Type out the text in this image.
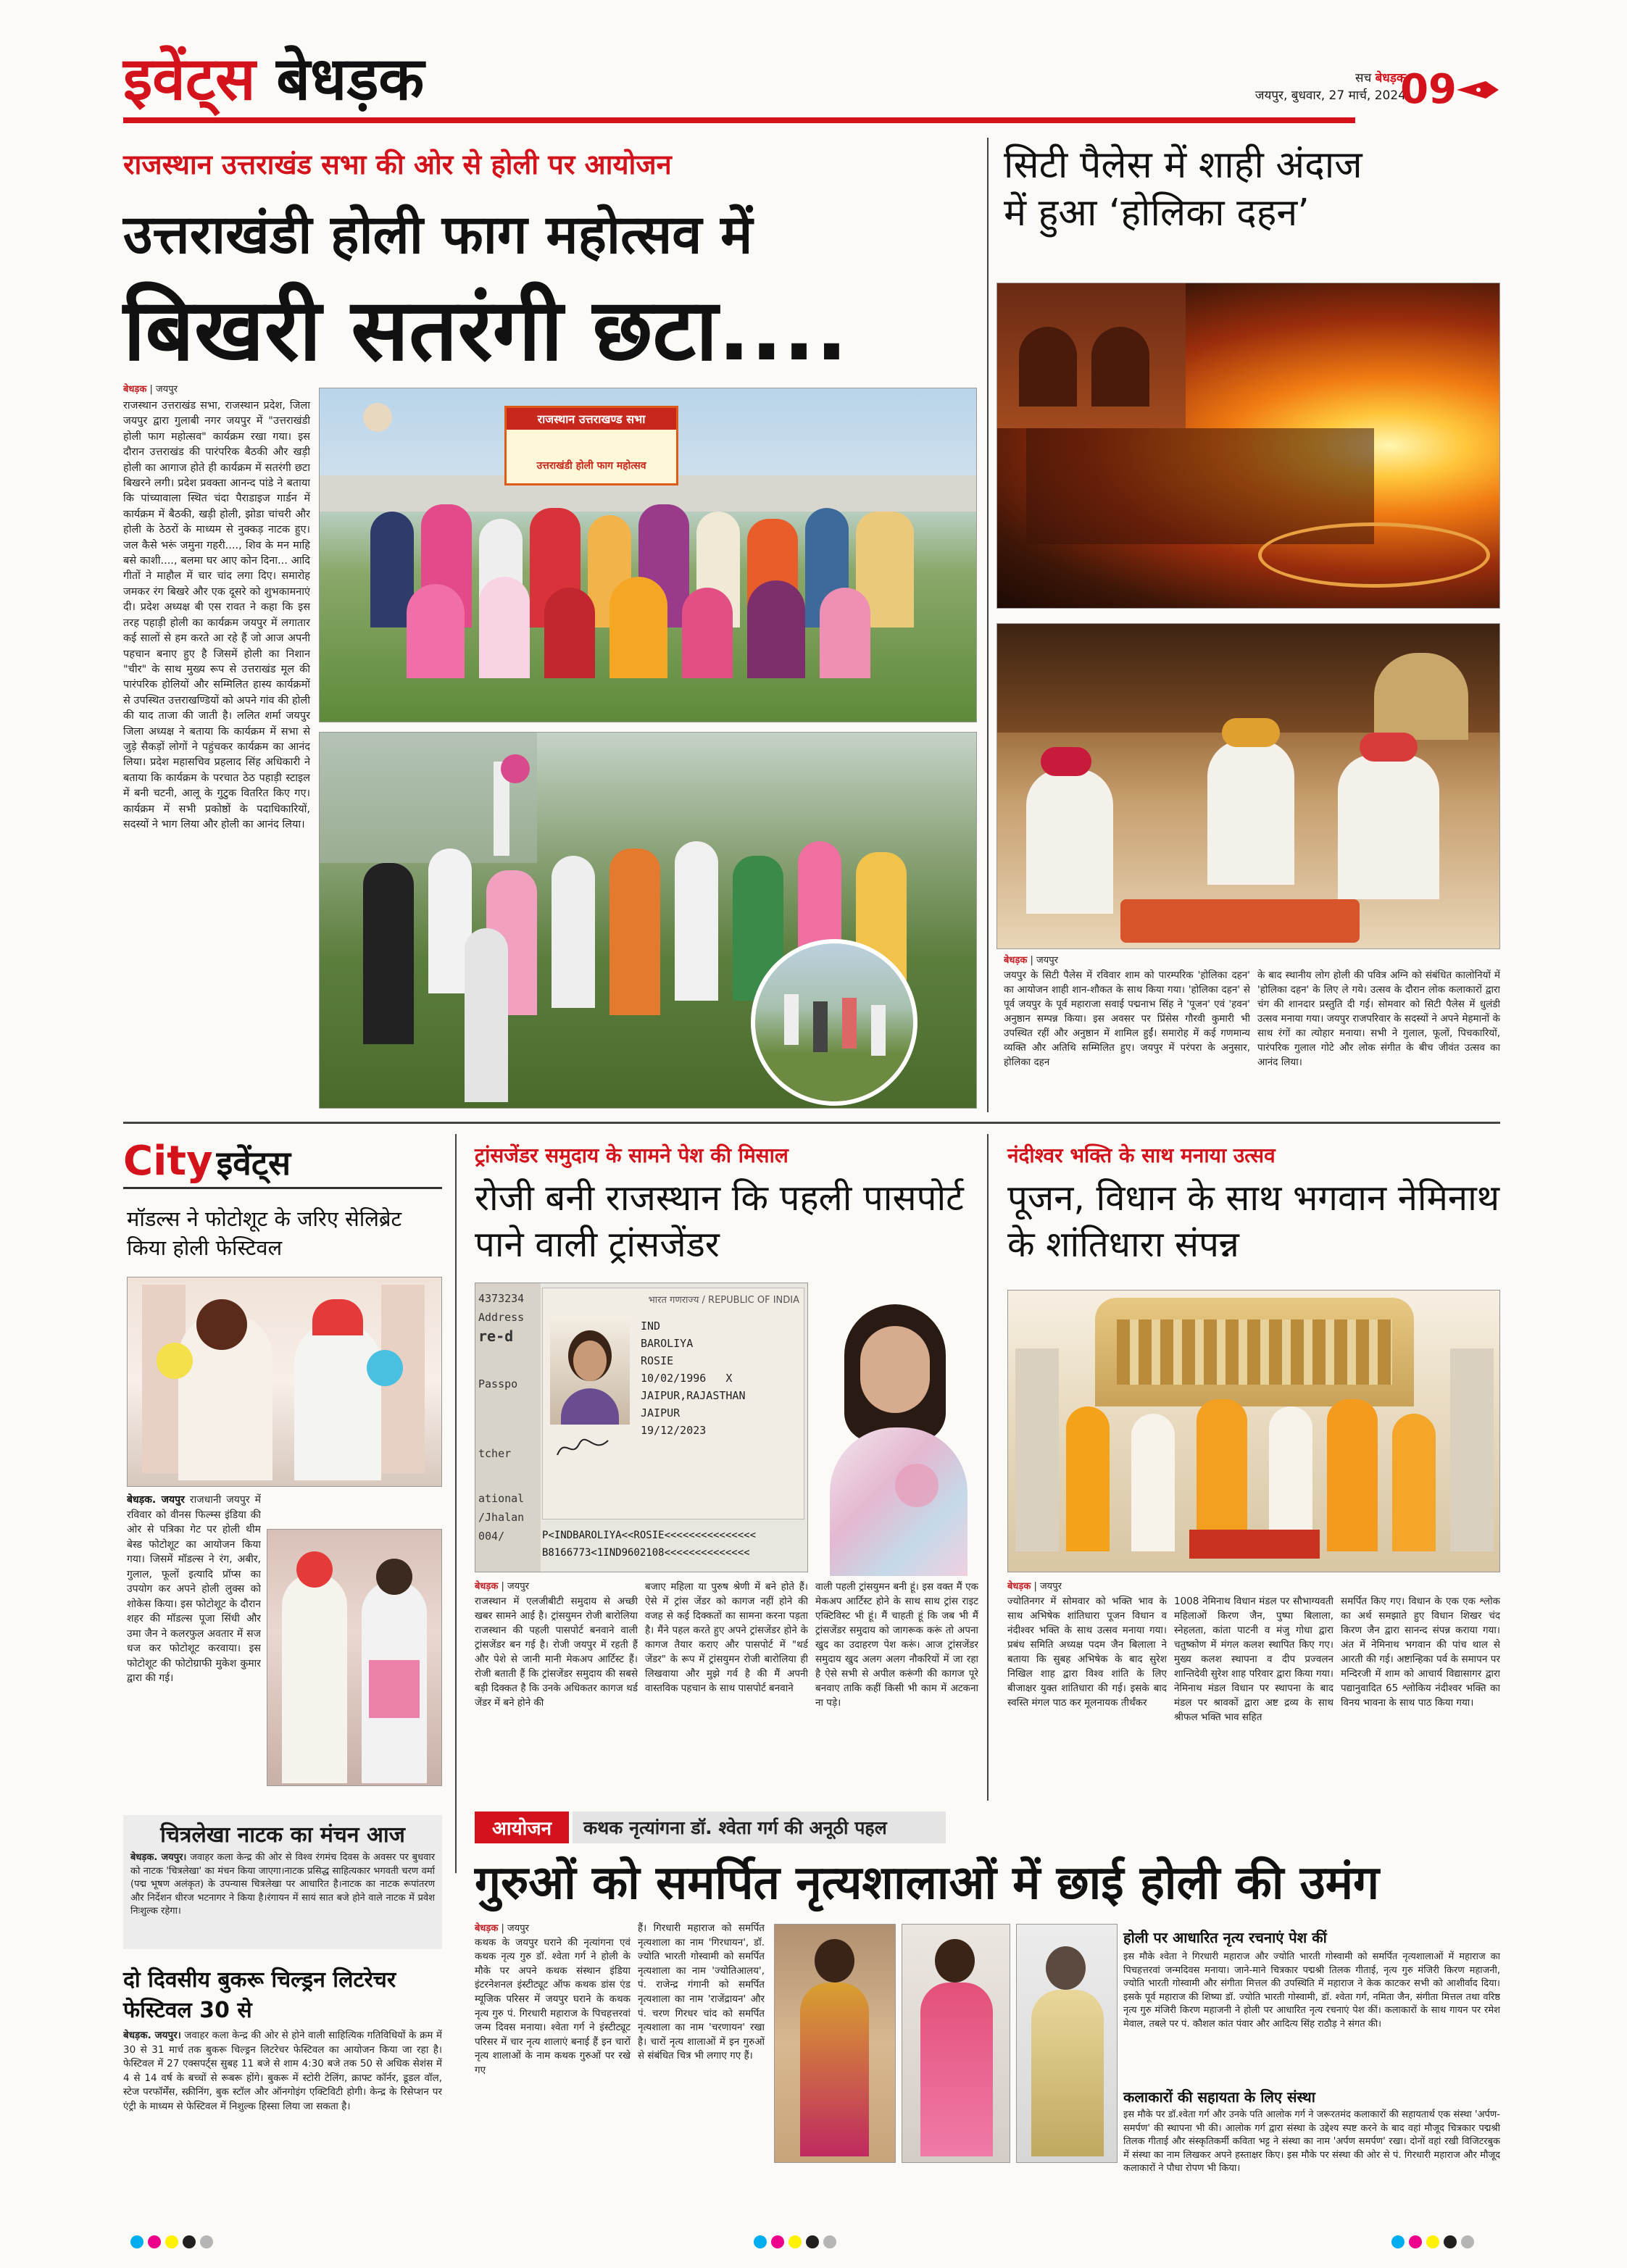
इवेंट्स बेधड़क	सच बेधड़क
जयपुर, बुधवार, 27 मार्च, 2024
09
राजस्थान उत्तराखंड सभा की ओर से होली पर आयोजन
उत्तराखंडी होली फाग महोत्सव में
बिखरी सतरंगी छटा....
बेधड़क | जयपुर

राजस्थान उत्तराखंड सभा, राजस्थान प्रदेश, जिला जयपुर द्वारा गुलाबी नगर जयपुर में "उत्तराखंडी होली फाग महोत्सव" कार्यक्रम रखा गया। इस दौरान उत्तराखंड की पारंपरिक बैठकी और खड़ी होली का आगाज होते ही कार्यक्रम में सतरंगी छटा बिखरने लगी। प्रदेश प्रवक्ता आनन्द पांडे ने बताया कि पांच्यावाला स्थित चंदा पैराडाइज गार्डन में कार्यक्रम में बैठकी, खड़ी होली, झोडा चांचरी और होली के ठेठरों के माध्यम से नुक्कड़ नाटक हुए। जल कैसे भरूं जमुना गहरी...., शिव के मन माहि बसे काशी...., बलमा घर आए कोन दिना... आदि गीतों ने माहौल में चार चांद लगा दिए। समारोह जमकर रंग बिखरे और एक दूसरे को शुभकामनाएं दी। प्रदेश अध्यक्ष बी एस रावत ने कहा कि इस तरह पहाड़ी होली का कार्यक्रम जयपुर में लगातार कई सालों से हम करते आ रहे हैं जो आज अपनी पहचान बनाए हुए है जिसमें होली का निशान "चीर" के साथ मुख्य रूप से उत्तराखंड मूल की पारंपरिक होलियों और सम्मिलित हास्य कार्यक्रमों से उपस्थित उत्तराखण्डियों को अपने गांव की होली की याद ताजा की जाती है। ललित शर्मा जयपुर जिला अध्यक्ष ने बताया कि कार्यक्रम में सभा से जुड़े सैकड़ों लोगों ने पहुंचकर कार्यक्रम का आनंद लिया। प्रदेश महासचिव प्रहलाद सिंह अधिकारी ने बताया कि कार्यक्रम के परचात ठेठ पहाड़ी स्टाइल में बनी चटनी, आलू के गुटुक वितरित किए गए। कार्यक्रम में सभी प्रकोष्ठों के पदाधिकारियों, सदस्यों ने भाग लिया और होली का आनंद लिया।

राजस्थान उत्तराखण्ड सभा
उत्तराखंडी होली फाग महोत्सव
सिटी पैलेस में शाही अंदाज
में हुआ ‘होलिका दहन’
बेधड़क | जयपुर

जयपुर के सिटी पैलेस में रविवार शाम को पारम्परिक 'होलिका दहन' का आयोजन शाही शान-शौकत के साथ किया गया। 'होलिका दहन' से पूर्व जयपुर के पूर्व महाराजा सवाई पद्मनाभ सिंह ने 'पूजन' एवं 'हवन' अनुष्ठान सम्पन्न किया। इस अवसर पर प्रिंसेस गौरवी कुमारी भी उपस्थित रहीं और अनुष्ठान में शामिल हुईं। समारोह में कई गणमान्य व्यक्ति और अतिथि सम्मिलित हुए। जयपुर में परंपरा के अनुसार, होलिका दहन

के बाद स्थानीय लोग होली की पवित्र अग्नि को संबंधित कालोनियों में 'होलिका दहन' के लिए ले गये। उत्सव के दौरान लोक कलाकारों द्वारा चंग की शानदार प्रस्तुति दी गई। सोमवार को सिटी पैलेस में धुलंडी उत्सव मनाया गया। जयपुर राजपरिवार के सदस्यों ने अपने मेहमानों के साथ रंगों का त्योहार मनाया। सभी ने गुलाल, फूलों, पिचकारियों, पारंपरिक गुलाल गोटे और लोक संगीत के बीच जीवंत उत्सव का आनंद लिया।

City इवेंट्स
मॉडल्स ने फोटोशूट के जरिए सेलिब्रेट किया होली फेस्टिवल
बेधड़क. जयपुर राजधानी जयपुर में रविवार को वीनस फिल्म्स इंडिया की ओर से पत्रिका गेट पर होली थीम बेस्ड फोटोशूट का आयोजन किया गया। जिसमें मॉडल्स ने रंग, अबीर, गुलाल, फूलों इत्यादि प्रॉप्स का उपयोग कर अपने होली लुक्स को शोकेस किया। इस फोटोशूट के दौरान शहर की मॉडल्स पूजा सिंधी और उमा जैन ने कलरफुल अवतार में सज धज कर फोटोशूट करवाया। इस फोटोशूट की फोटोग्राफी मुकेश कुमार द्वारा की गई।
चित्रलेखा नाटक का मंचन आज
बेधड़क. जयपुर। जवाहर कला केन्द्र की ओर से विश्व रंगमंच दिवस के अवसर पर बुधवार को नाटक 'चित्रलेखा' का मंचन किया जाएगा।नाटक प्रसिद्ध साहित्यकार भगवती चरण वर्मा (पद्म भूषण अलंकृत) के उपन्यास चित्रलेखा पर आधारित है।नाटक का नाटक रूपांतरण और निर्देशन धीरज भटनागर ने किया है।रंगायन में सायं सात बजे होने वाले नाटक में प्रवेश निःशुल्क रहेगा।
दो दिवसीय बुकरू चिल्ड्रन लिटरेचर फेस्टिवल 30 से
बेधड़क. जयपुर। जवाहर कला केन्द्र की ओर से होने वाली साहित्यिक गतिविधियों के क्रम में 30 से 31 मार्च तक बुकरू चिल्ड्रन लिटरेचर फेस्टिवल का आयोजन किया जा रहा है। फेस्टिवल में 27 एक्सपर्ट्स सुबह 11 बजे से शाम 4:30 बजे तक 50 से अधिक सेशंस में 4 से 14 वर्ष के बच्चों से रूबरू होंगे। बुकरू में स्टोरी टेलिंग, क्राफ्ट कॉर्नर, डूडल वॉल, स्टेज परफॉर्मेंस, स्क्रीनिंग, बुक स्टॉल और ऑनगोइंग एक्टिविटी होगी। केन्द्र के रिसेप्शन पर एंट्री के माध्यम से फेस्टिवल में निशुल्क हिस्सा लिया जा सकता है।
ट्रांसजेंडर समुदाय के सामने पेश की मिसाल
रोजी बनी राजस्थान कि पहली पासपोर्ट पाने वाली ट्रांसजेंडर
4373234
Address
re-d
Passpo
tcher
ational
/Jhalan
004/
भारत गणराज्य / REPUBLIC OF INDIA
IND
BAROLIYA
ROSIE
10/02/1996 X
JAIPUR,RAJASTHAN
JAIPUR
19/12/2023
P<INDBAROLIYA<<ROSIE<<<<<<<<<<<<<<<
B8166773<1IND9602108<<<<<<<<<<<<<<
बेधड़क | जयपुर

राजस्थान में एलजीबीटी समुदाय से अच्छी खबर सामने आई है। ट्रांसयुमन रोजी बारोलिया राजस्थान की पहली पासपोर्ट बनवाने वाली ट्रांसजेंडर बन गई है। रोजी जयपुर में रहती हैं और पेशे से जानी मानी मेकअप आर्टिस्ट हैं। रोजी बताती हैं कि ट्रांसजेंडर समुदाय की सबसे बड़ी दिक्कत है कि उनके अधिकतर कागज थर्ड जेंडर में बने होने की

बजाए महिला या पुरुष श्रेणी में बने होते हैं। ऐसे में ट्रांस जेंडर को कागज नहीं होने की वजह से कई दिक्कतों का सामना करना पड़ता है। मैंने पहल करते हुए अपने ट्रांसजेंडर होने के कागज तैयार कराए और पासपोर्ट में "थर्ड जेंडर" के रूप में ट्रांसयुमन रोजी बारोलिया ही लिखवाया और मुझे गर्व है की मैं अपनी वास्तविक पहचान के साथ पासपोर्ट बनवाने

वाली पहली ट्रांसयुमन बनी हूं। इस वक्त मैं एक मेकअप आर्टिस्ट होने के साथ साथ ट्रांस राइट एक्टिविस्ट भी हूं। मैं चाहती हूं कि जब भी मैं ट्रांसजेंडर समुदाय को जागरूक करूं तो अपना खुद का उदाहरण पेश करूं। आज ट्रांसजेंडर समुदाय खुद अलग अलग नौकरियों में जा रहा है ऐसे सभी से अपील करूंगी की कागज पूरे बनवाए ताकि कहीं किसी भी काम में अटकना ना पड़े।

नंदीश्वर भक्ति के साथ मनाया उत्सव
पूजन, विधान के साथ भगवान नेमिनाथ के शांतिधारा संपन्न
बेधड़क | जयपुर

ज्योतिनगर में सोमवार को भक्ति भाव के साथ अभिषेक शांतिधारा पूजन विधान व नंदीश्वर भक्ति के साथ उत्सव मनाया गया। प्रबंध समिति अध्यक्ष पदम जैन बिलाला ने बताया कि सुबह अभिषेक के बाद सुरेश निखिल शाह द्वारा विश्व शांति के लिए बीजाक्षर युक्त शांतिधारा की गई। इसके बाद स्वस्ति मंगल पाठ कर मूलनायक तीर्थंकर

1008 नेमिनाथ विधान मंडल पर सौभाग्यवती महिलाओं किरण जैन, पुष्पा बिलाला, स्नेहलता, कांता पाटनी व मंजु गोधा द्वारा चतुष्कोण में मंगल कलश स्थापित किए गए। मुख्य कलश स्थापना व दीप प्रज्वलन शान्तिदेवी सुरेश शाह परिवार द्वारा किया गया। नेमिनाथ मंडल विधान पर स्थापना के बाद मंडल पर श्रावकों द्वारा अष्ट द्रव्य के साथ श्रीफल भक्ति भाव सहित

समर्पित किए गए। विधान के एक एक श्लोक का अर्थ समझाते हुए विधान शिखर चंद किरण जैन द्वारा सानन्द संपन्न कराया गया। अंत में नेमिनाथ भगवान की पांच थाल से आरती की गई। अष्टान्हिका पर्व के समापन पर मन्दिरजी में शाम को आचार्य विद्यासागर द्वारा पद्यानुवादित 65 श्लोकिय नंदीश्वर भक्ति का विनय भावना के साथ पाठ किया गया।

आयोजन	कथक नृत्यांगना डॉ. श्वेता गर्ग की अनूठी पहल
गुरुओं को समर्पित नृत्यशालाओं में छाई होली की उमंग
बेधड़क | जयपुर

कथक के जयपुर घराने की नृत्यांगना एवं कथक नृत्य गुरु डॉ. श्वेता गर्ग ने होली के मौके पर अपने कथक संस्थान इंडिया इंटरनेशनल इंस्टीट्यूट ऑफ कथक डांस एंड म्यूजिक परिसर में जयपुर घराने के कथक नृत्य गुरु पं. गिरधारी महाराज के पिचहत्तरवां जन्म दिवस मनाया। श्वेता गर्ग ने इंस्टीट्यूट परिसर में चार नृत्य शालाएं बनाई हैं इन चारों नृत्य शालाओं के नाम कथक गुरुओं पर रखे गए

हैं। गिरधारी महाराज को समर्पित नृत्यशाला का नाम 'गिरधायन', डॉ. ज्योति भारती गोस्वामी को समर्पित नृत्यशाला का नाम 'ज्योतिआलय', पं. राजेन्द्र गंगानी को समर्पित नृत्यशाला का नाम 'राजेंद्रायन' और पं. चरण गिरधर चांद को समर्पित नृत्यशाला का नाम 'चरणायन' रखा है। चारों नृत्य शालाओं में इन गुरुओं से संबंधित चित्र भी लगाए गए हैं।

होली पर आधारित नृत्य रचनाएं पेश कीं

इस मौके श्वेता ने गिरधारी महाराज और ज्योति भारती गोस्वामी को समर्पित नृत्यशालाओं में महाराज का पिचहत्तरवां जन्मदिवस मनाया। जाने-माने चित्रकार पद्मश्री तिलक गीताई, नृत्य गुरु मंजिरी किरण महाजनी, ज्योति भारती गोस्वामी और संगीता मित्तल की उपस्थिति में महाराज ने केक काटकर सभी को आशीर्वाद दिया। इसके पूर्व महाराज की शिष्या डॉ. ज्योति भारती गोस्वामी, डॉ. श्वेता गर्ग, नमिता जैन, संगीता मित्तल तथा वरिष्ठ नृत्य गुरु मंजिरी किरण महाजनी ने होली पर आधारित नृत्य रचनाएं पेश कीं। कलाकारों के साथ गायन पर रमेश मेवाल, तबले पर पं. कौशल कांत पंवार और आदित्य सिंह राठौड़ ने संगत की।

कलाकारों की सहायता के लिए संस्था

इस मौके पर डॉ.श्वेता गर्ग और उनके पति आलोक गर्ग ने जरूरतमंद कलाकारों की सहायतार्थ एक संस्था 'अर्पण-समर्पण' की स्थापना भी की। आलोक गर्ग द्वारा संस्था के उद्देश्य स्पष्ट करने के बाद वहां मौजूद चित्रकार पद्मश्री तिलक गीताई और संस्कृतिकर्मी कविता भट्ट ने संस्था का नाम 'अर्पण समर्पण' रखा। दोनों वहां रखी विजिटरबुक में संस्था का नाम लिखकर अपने हस्ताक्षर किए। इस मौके पर संस्था की ओर से पं. गिरधारी महाराज और मौजूद कलाकारों ने पौधा रोपण भी किया।
